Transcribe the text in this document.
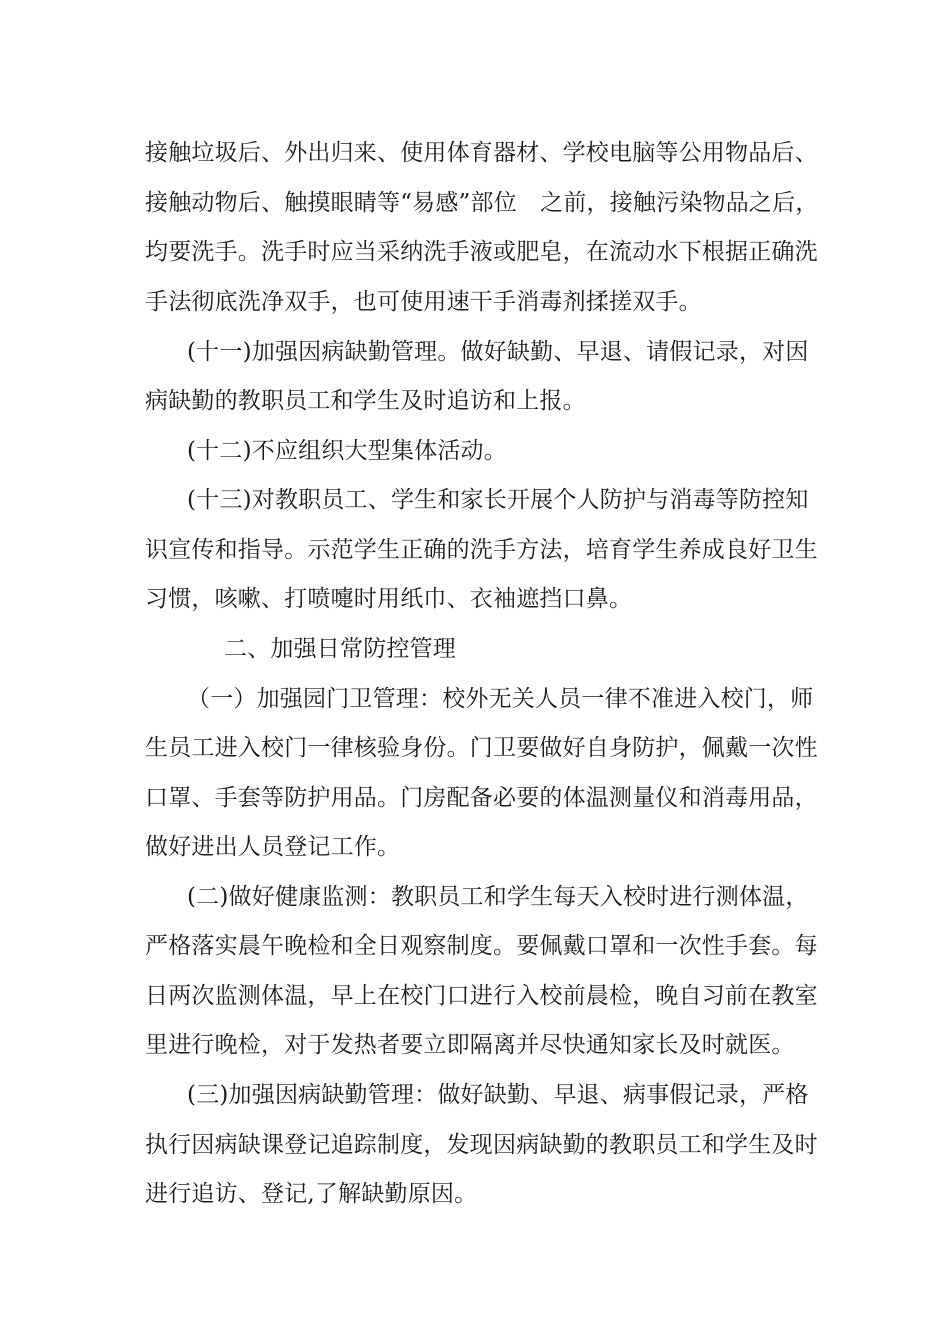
接触垃圾后、外出归来、使用体育器材、学校电脑等公用物品后、
接触动物后、触摸眼睛等“易感”部位　之前，接触污染物品之后，
均要洗手。洗手时应当采纳洗手液或肥皂，在流动水下根据正确洗
手法彻底洗净双手，也可使用速干手消毒剂揉搓双手。
(十一)加强因病缺勤管理。做好缺勤、早退、请假记录，对因
病缺勤的教职员工和学生及时追访和上报。
(十二)不应组织大型集体活动。
(十三)对教职员工、学生和家长开展个人防护与消毒等防控知
识宣传和指导。示范学生正确的洗手方法，培育学生养成良好卫生
习惯，咳嗽、打喷嚏时用纸巾、衣袖遮挡口鼻。
二、加强日常防控管理
（一）加强园门卫管理：校外无关人员一律不准进入校门，师
生员工进入校门一律核验身份。门卫要做好自身防护，佩戴一次性
口罩、手套等防护用品。门房配备必要的体温测量仪和消毒用品，
做好进出人员登记工作。
(二)做好健康监测：教职员工和学生每天入校时进行测体温，
严格落实晨午晚检和全日观察制度。要佩戴口罩和一次性手套。每
日两次监测体温，早上在校门口进行入校前晨检，晚自习前在教室
里进行晚检，对于发热者要立即隔离并尽快通知家长及时就医。
(三)加强因病缺勤管理：做好缺勤、早退、病事假记录，严格
执行因病缺课登记追踪制度，发现因病缺勤的教职员工和学生及时
进行追访、登记,了解缺勤原因。
